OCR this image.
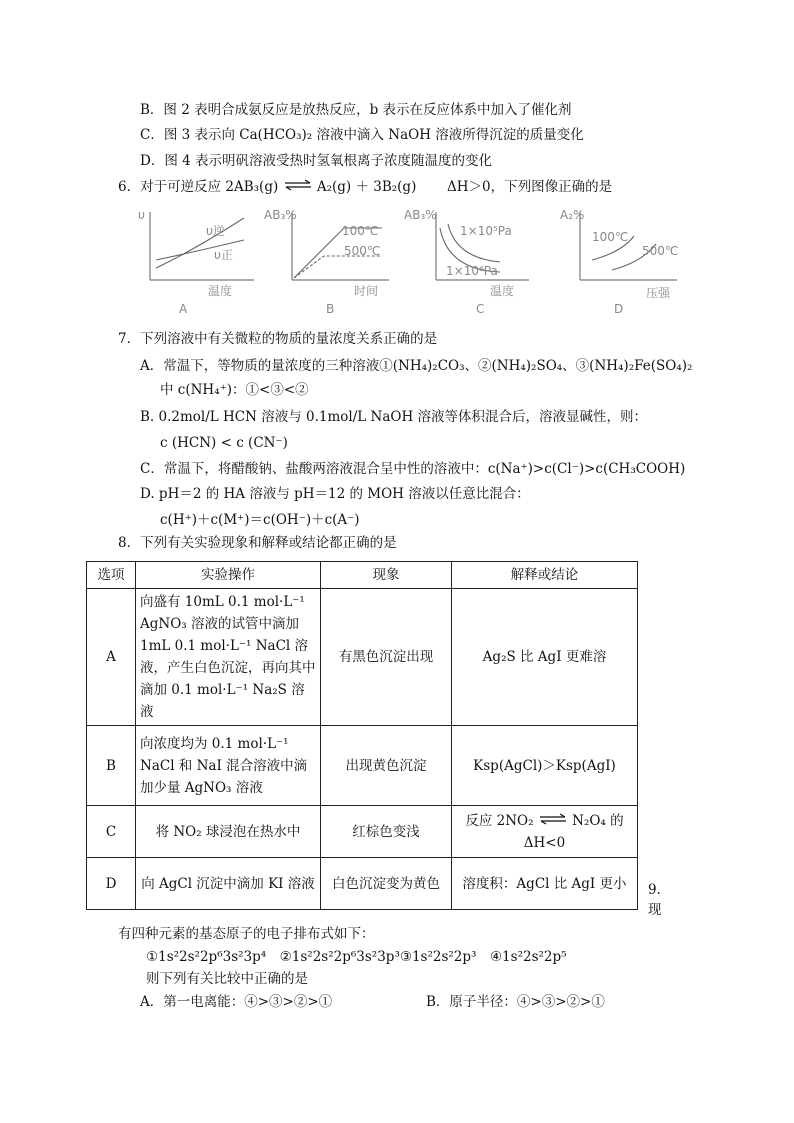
B．图 2 表明合成氨反应是放热反应，b 表示在反应体系中加入了催化剂
C．图 3 表示向 Ca(HCO₃)₂ 溶液中滴入 NaOH 溶液所得沉淀的质量变化
D．图 4 表示明矾溶液受热时氢氧根离子浓度随温度的变化
6．对于可逆反应 2AB₃(g) ⇌ A₂(g) ＋ 3B₂(g) ΔH＞0，下列图像正确的是
υ
υ逆
υ正
温度
A
AB₃%
100℃
500℃
时间
B
AB₃%
1×10⁵Pa
1×10⁶Pa
温度
C
A₂%
100℃
500℃
压强
D
7．下列溶液中有关微粒的物质的量浓度关系正确的是
A．常温下，等物质的量浓度的三种溶液①(NH₄)₂CO₃、②(NH₄)₂SO₄、③(NH₄)₂Fe(SO₄)₂
中 c(NH₄⁺)：①<③<②
B. 0.2mol/L HCN 溶液与 0.1mol/L NaOH 溶液等体积混合后，溶液显碱性，则：
c (HCN) < c (CN⁻)
C．常温下，将醋酸钠、盐酸两溶液混合呈中性的溶液中：c(Na⁺)>c(Cl⁻)>c(CH₃COOH)
D. pH＝2 的 HA 溶液与 pH＝12 的 MOH 溶液以任意比混合：
c(H⁺)＋c(M⁺)＝c(OH⁻)＋c(A⁻)
8．下列有关实验现象和解释或结论都正确的是
选项	实验操作	现象	解释或结论
A	向盛有 10mL 0.1 mol·L⁻¹ AgNO₃ 溶液的试管中滴加 1mL 0.1 mol·L⁻¹ NaCl 溶液，产生白色沉淀，再向其中滴加 0.1 mol·L⁻¹ Na₂S 溶液	有黑色沉淀出现	Ag₂S 比 AgI 更难溶
B	向浓度均为 0.1 mol·L⁻¹ NaCl 和 NaI 混合溶液中滴加少量 AgNO₃ 溶液	出现黄色沉淀	Ksp(AgCl)＞Ksp(AgI)
C	将 NO₂ 球浸泡在热水中	红棕色变浅	反应 2NO₂ ⇌ N₂O₄ 的
ΔH<0
D	向 AgCl 沉淀中滴加 KI 溶液	白色沉淀变为黄色	溶度积：AgCl 比 AgI 更小 9．
现
有四种元素的基态原子的电子排布式如下：
①1s²2s²2p⁶3s²3p⁴　②1s²2s²2p⁶3s²3p³③1s²2s²2p³　④1s²2s²2p⁵
则下列有关比较中正确的是
A．第一电离能：④>③>②>①	B．原子半径：④>③>②>①
